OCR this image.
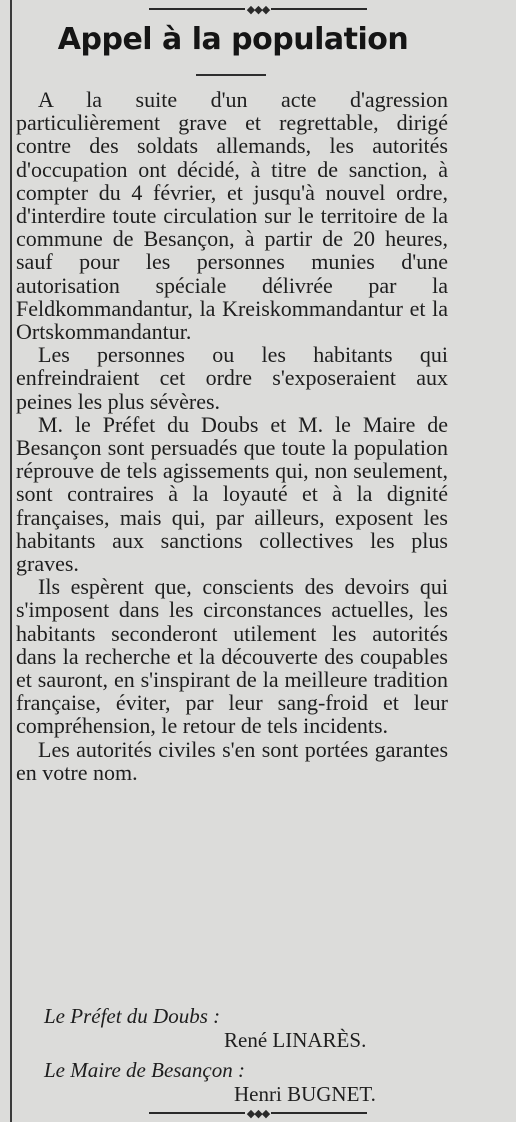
◆◆◆
Appel à la population

A la suite d'un acte d'agression particulièrement grave et regrettable, dirigé contre des soldats allemands, les autorités d'occupation ont décidé, à titre de sanction, à compter du 4 février, et jusqu'à nouvel ordre, d'interdire toute circulation sur le territoire de la commune de Besançon, à partir de 20 heures, sauf pour les personnes munies d'une autorisation spéciale délivrée par la Feldkommandantur, la Kreiskommandantur et la Ortskommandantur.

Les personnes ou les habitants qui enfreindraient cet ordre s'exposeraient aux peines les plus sévères.

M. le Préfet du Doubs et M. le Maire de Besançon sont persuadés que toute la population réprouve de tels agissements qui, non seulement, sont contraires à la loyauté et à la dignité françaises, mais qui, par ailleurs, exposent les habitants aux sanctions collectives les plus graves.

Ils espèrent que, conscients des devoirs qui s'imposent dans les circonstances actuelles, les habitants seconderont utilement les autorités dans la recherche et la découverte des coupables et sauront, en s'inspirant de la meilleure tradition française, éviter, par leur sang-froid et leur compréhension, le retour de tels incidents.

Les autorités civiles s'en sont portées garantes en votre nom.

Le Préfet du Doubs :
René LINARÈS.
Le Maire de Besançon :
Henri BUGNET.
◆◆◆
